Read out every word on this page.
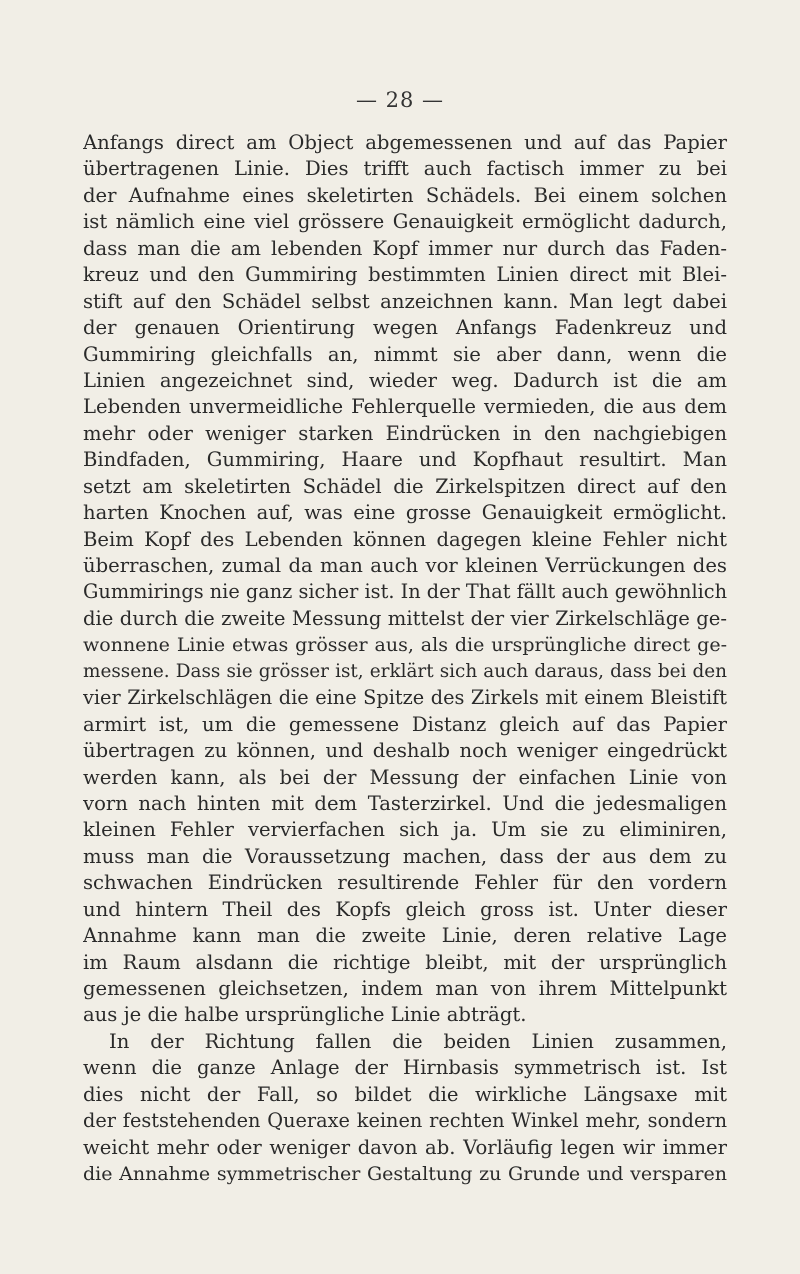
— 28 —
Anfangs direct am Object abgemessenen und auf das Papier
übertragenen Linie. Dies trifft auch factisch immer zu bei
der Aufnahme eines skeletirten Schädels. Bei einem solchen
ist nämlich eine viel grössere Genauigkeit ermöglicht dadurch,
dass man die am lebenden Kopf immer nur durch das Faden-
kreuz und den Gummiring bestimmten Linien direct mit Blei-
stift auf den Schädel selbst anzeichnen kann. Man legt dabei
der genauen Orientirung wegen Anfangs Fadenkreuz und
Gummiring gleichfalls an, nimmt sie aber dann, wenn die
Linien angezeichnet sind, wieder weg. Dadurch ist die am
Lebenden unvermeidliche Fehlerquelle vermieden, die aus dem
mehr oder weniger starken Eindrücken in den nachgiebigen
Bindfaden, Gummiring, Haare und Kopfhaut resultirt. Man
setzt am skeletirten Schädel die Zirkelspitzen direct auf den
harten Knochen auf, was eine grosse Genauigkeit ermöglicht.
Beim Kopf des Lebenden können dagegen kleine Fehler nicht
überraschen, zumal da man auch vor kleinen Verrückungen des
Gummirings nie ganz sicher ist. In der That fällt auch gewöhnlich
die durch die zweite Messung mittelst der vier Zirkelschläge ge-
wonnene Linie etwas grösser aus, als die ursprüngliche direct ge-
messene. Dass sie grösser ist, erklärt sich auch daraus, dass bei den
vier Zirkelschlägen die eine Spitze des Zirkels mit einem Bleistift
armirt ist, um die gemessene Distanz gleich auf das Papier
übertragen zu können, und deshalb noch weniger eingedrückt
werden kann, als bei der Messung der einfachen Linie von
vorn nach hinten mit dem Tasterzirkel. Und die jedesmaligen
kleinen Fehler vervierfachen sich ja. Um sie zu eliminiren,
muss man die Voraussetzung machen, dass der aus dem zu
schwachen Eindrücken resultirende Fehler für den vordern
und hintern Theil des Kopfs gleich gross ist. Unter dieser
Annahme kann man die zweite Linie, deren relative Lage
im Raum alsdann die richtige bleibt, mit der ursprünglich
gemessenen gleichsetzen, indem man von ihrem Mittelpunkt
aus je die halbe ursprüngliche Linie abträgt.
In der Richtung fallen die beiden Linien zusammen,
wenn die ganze Anlage der Hirnbasis symmetrisch ist. Ist
dies nicht der Fall, so bildet die wirkliche Längsaxe mit
der feststehenden Queraxe keinen rechten Winkel mehr, sondern
weicht mehr oder weniger davon ab. Vorläufig legen wir immer
die Annahme symmetrischer Gestaltung zu Grunde und versparen
